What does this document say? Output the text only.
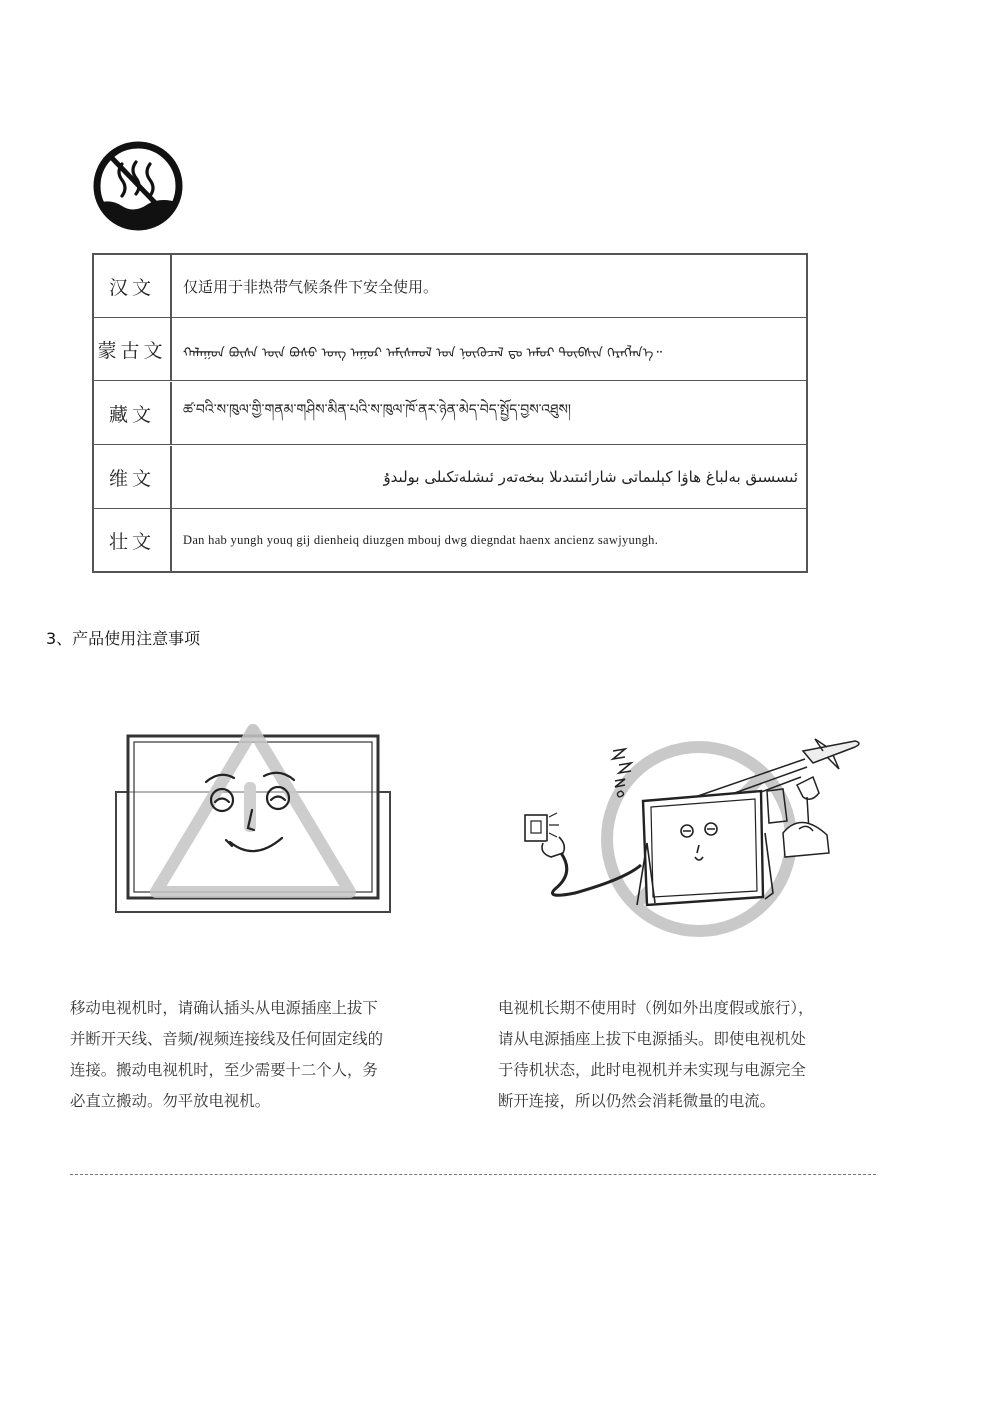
汉文	仅适用于非热带气候条件下安全使用。
蒙古文	ᠬᠠᠯᠠᠭᠤᠨ ᠪᠦᠰᠡ ᠦᠨ ᠪᠤᠰᠤ ᠤᠩ ᠠᠭᠤᠷ ᠠᠮᠢᠰᠬᠤᠯ ᠤᠨ ᠨᠥᠬᠦᠴᠡᠯ ᠳᠤ ᠠᠮᠤᠷ ᠲᠦᠪᠰᠢᠨ ᠬᠡᠷᠡᠭᠯᠡᠨ᠎ᠡ᠃
藏文	ཚ་བའི་ས་ཁུལ་གྱི་གནམ་གཤིས་མིན་པའི་ས་ཁུལ་ཁོ་ནར་ཉེན་མེད་བེད་སྤྱོད་བྱས་འཐུས།
维文	ئىسسىق بەلباغ ھاۋا كېلىماتى شارائىتىدىلا بىخەتەر ئىشلەتكىلى بولىدۇ
壮文	Dan hab yungh youq gij dienheiq diuzgen mbouj dwg diegndat haenx ancienz sawjyungh.
3、产品使用注意事项
移动电视机时，请确认插头从电源插座上拔下
并断开天线、音频/视频连接线及任何固定线的
连接。搬动电视机时，至少需要十二个人，务
必直立搬动。勿平放电视机。
电视机长期不使用时（例如外出度假或旅行），
请从电源插座上拔下电源插头。即使电视机处
于待机状态，此时电视机并未实现与电源完全
断开连接，所以仍然会消耗微量的电流。
